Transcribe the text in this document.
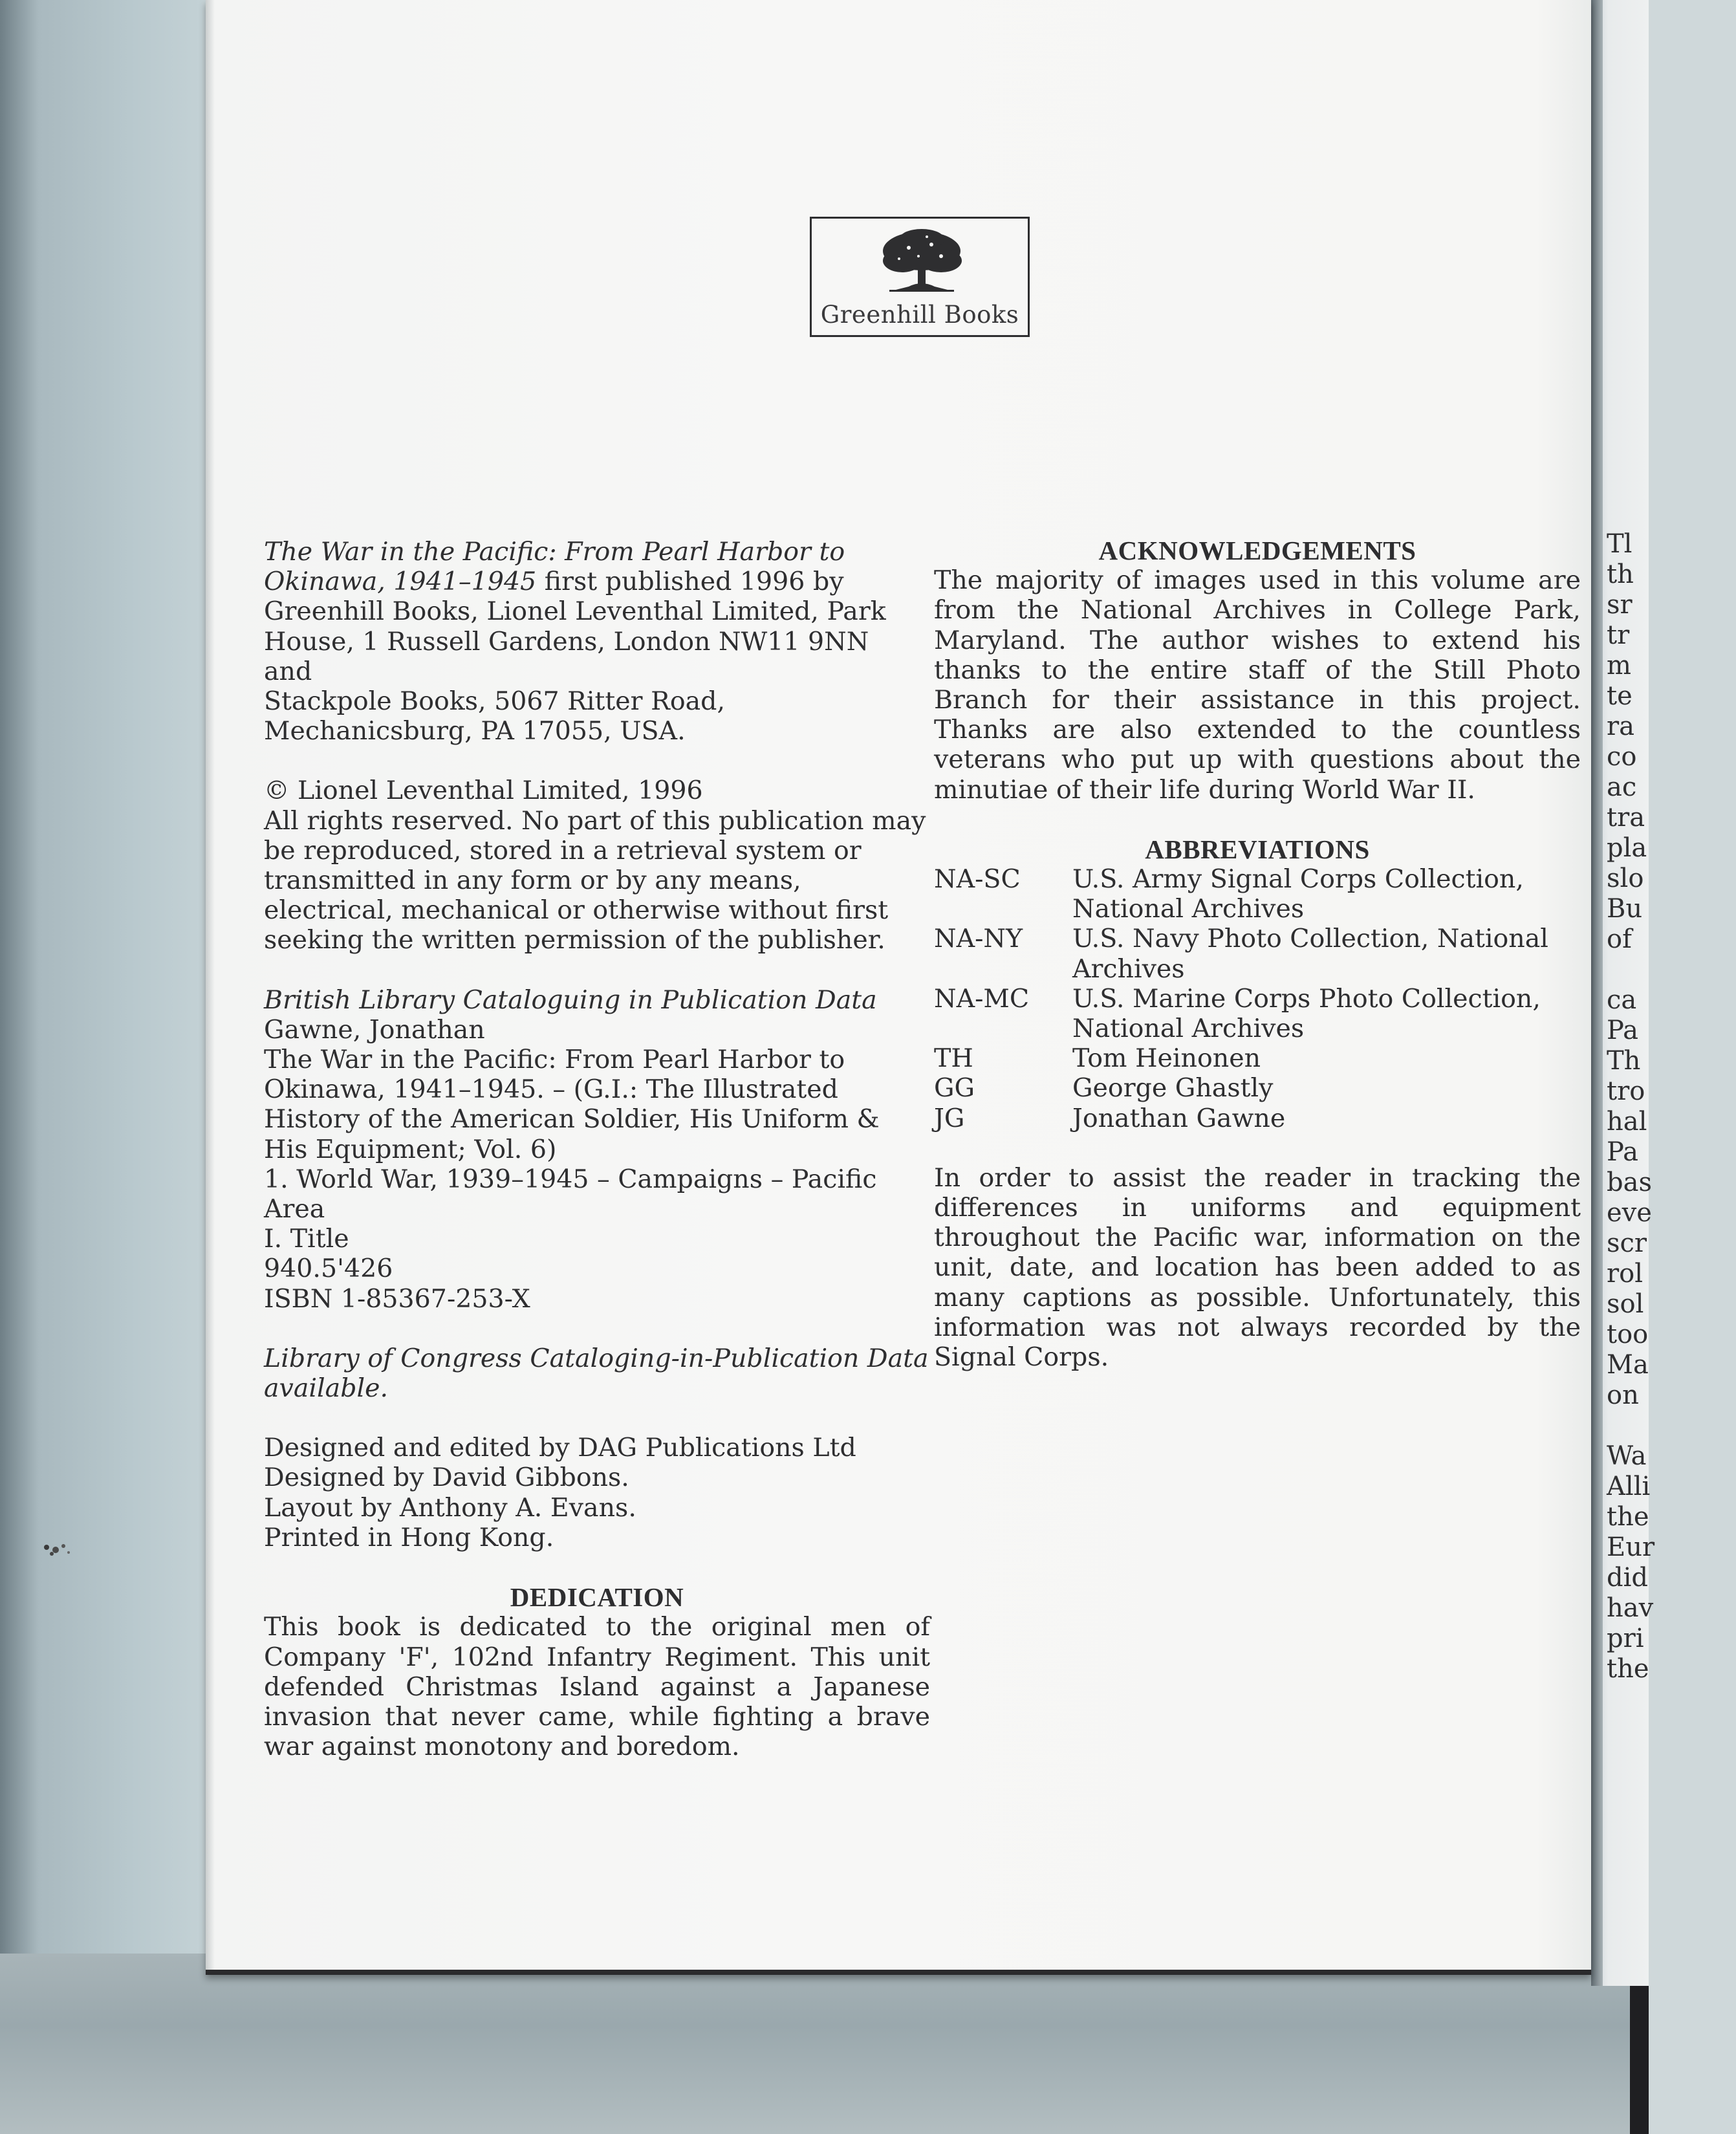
Tl
th
sr
tr
m
te
ra
co
ac
tra
pla
slo
Bu
of
ca
Pa
Th
tro
hal
Pa
bas
eve
scr
rol
sol
too
Ma
on
Wa
Alli
the
Eur
did
hav
pri
the
Greenhill Books

The War in the Pacific: From Pearl Harbor to Okinawa, 1941–1945 first published 1996 by Greenhill Books, Lionel Leventhal Limited, Park House, 1 Russell Gardens, London NW11 9NN

and

Stackpole Books, 5067 Ritter Road, Mechanicsburg, PA 17055, USA.

© Lionel Leventhal Limited, 1996

All rights reserved. No part of this publication may be reproduced, stored in a retrieval system or transmitted in any form or by any means, electrical, mechanical or otherwise without first seeking the written permission of the publisher.

British Library Cataloguing in Publication Data

Gawne, Jonathan

The War in the Pacific: From Pearl Harbor to Okinawa, 1941–1945. – (G.I.: The Illustrated History of the American Soldier, His Uniform & His Equipment; Vol. 6)

1. World War, 1939–1945 – Campaigns – Pacific Area

I. Title

940.5'426

ISBN 1-85367-253-X

Library of Congress Cataloging-in-Publication Data available.

Designed and edited by DAG Publications Ltd

Designed by David Gibbons.

Layout by Anthony A. Evans.

Printed in Hong Kong.

DEDICATION

This book is dedicated to the original men of Company 'F', 102nd Infantry Regiment. This unit defended Christmas Island against a Japanese invasion that never came, while fighting a brave war against monotony and boredom.

ACKNOWLEDGEMENTS

The majority of images used in this volume are from the National Archives in College Park, Maryland. The author wishes to extend his thanks to the entire staff of the Still Photo Branch for their assistance in this project. Thanks are also extended to the countless veterans who put up with questions about the minutiae of their life during World War II.

ABBREVIATIONS

NA-SC	U.S. Army Signal Corps Collection, National Archives
NA-NY	U.S. Navy Photo Collection, National Archives
NA-MC	U.S. Marine Corps Photo Collection, National Archives
TH	Tom Heinonen
GG	George Ghastly
JG	Jonathan Gawne

In order to assist the reader in tracking the differences in uniforms and equipment throughout the Pacific war, information on the unit, date, and location has been added to as many captions as possible. Unfortunately, this information was not always recorded by the Signal Corps.
